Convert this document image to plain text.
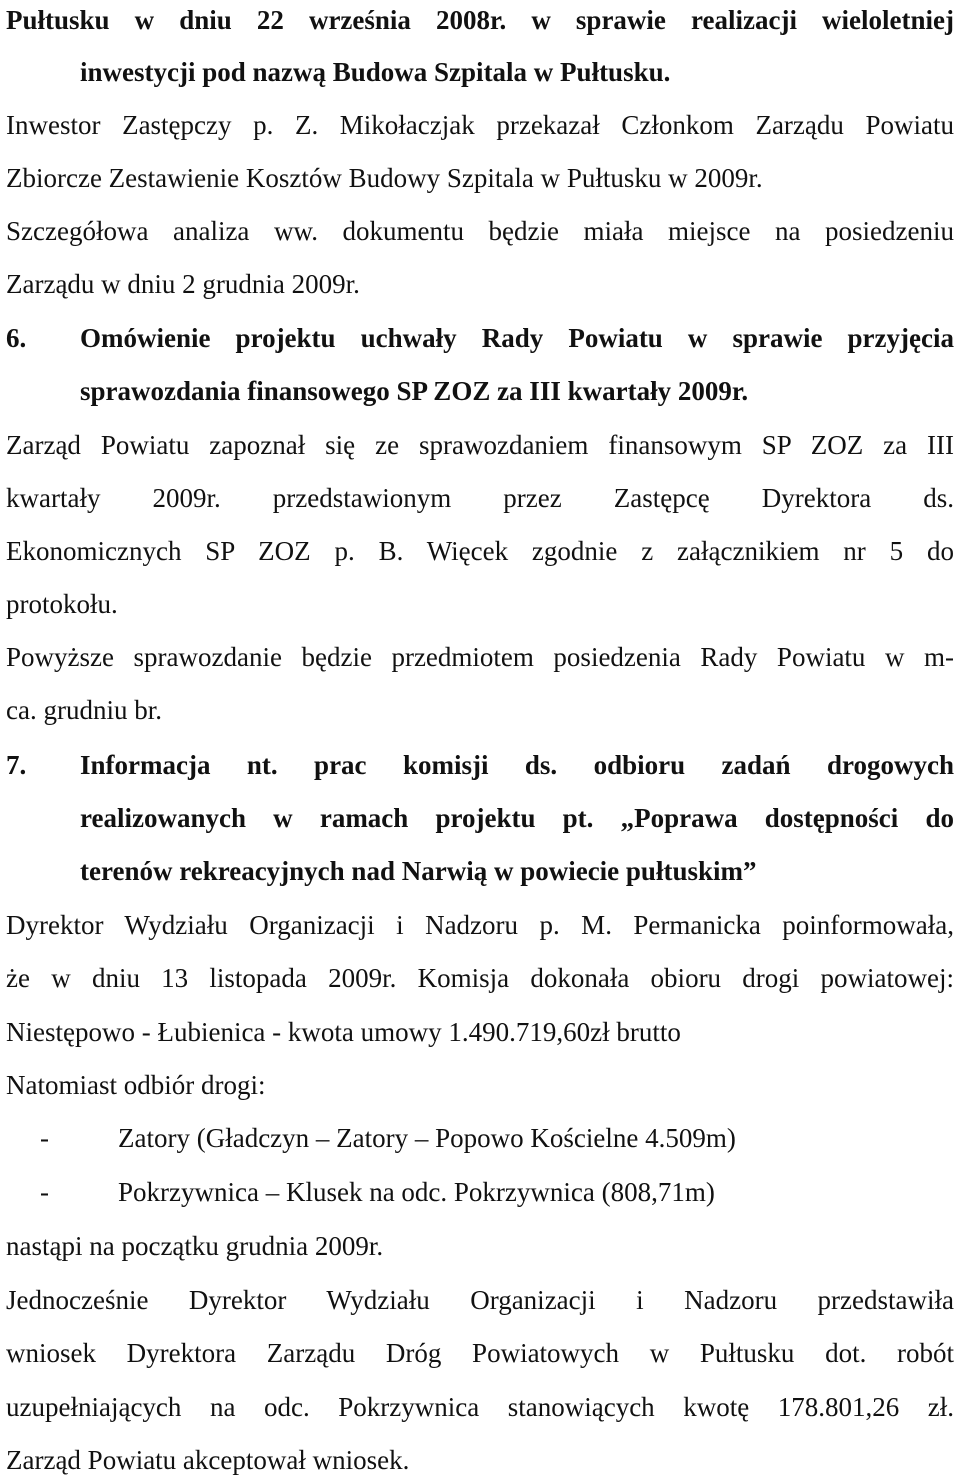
Pułtusku w dniu 22 września 2008r. w sprawie realizacji wieloletniej
inwestycji pod nazwą Budowa Szpitala w Pułtusku.
Inwestor Zastępczy p. Z. Mikołaczjak przekazał Członkom Zarządu Powiatu
Zbiorcze Zestawienie Kosztów Budowy Szpitala w Pułtusku w 2009r.
Szczegółowa analiza ww. dokumentu będzie miała miejsce na posiedzeniu
Zarządu w dniu 2 grudnia 2009r.
6. Omówienie projektu uchwały Rady Powiatu w sprawie przyjęcia
sprawozdania finansowego SP ZOZ za III kwartały 2009r.
Zarząd Powiatu zapoznał się ze sprawozdaniem finansowym SP ZOZ za III
kwartały 2009r. przedstawionym przez Zastępcę Dyrektora ds.
Ekonomicznych SP ZOZ p. B. Więcek zgodnie z załącznikiem nr 5 do
protokołu.
Powyższe sprawozdanie będzie przedmiotem posiedzenia Rady Powiatu w m-
ca. grudniu br.
7. Informacja nt. prac komisji ds. odbioru zadań drogowych
realizowanych w ramach projektu pt. „Poprawa dostępności do
terenów rekreacyjnych nad Narwią w powiecie pułtuskim”
Dyrektor Wydziału Organizacji i Nadzoru p. M. Permanicka poinformowała,
że w dniu 13 listopada 2009r. Komisja dokonała obioru drogi powiatowej:
Niestępowo - Łubienica - kwota umowy 1.490.719,60zł brutto
Natomiast odbiór drogi:
-	Zatory (Gładczyn – Zatory – Popowo Kościelne 4.509m)
-	Pokrzywnica – Klusek na odc. Pokrzywnica (808,71m)
nastąpi na początku grudnia 2009r.
Jednocześnie Dyrektor Wydziału Organizacji i Nadzoru przedstawiła
wniosek Dyrektora Zarządu Dróg Powiatowych w Pułtusku dot. robót
uzupełniających na odc. Pokrzywnica stanowiących kwotę 178.801,26 zł.
Zarząd Powiatu akceptował wniosek.
